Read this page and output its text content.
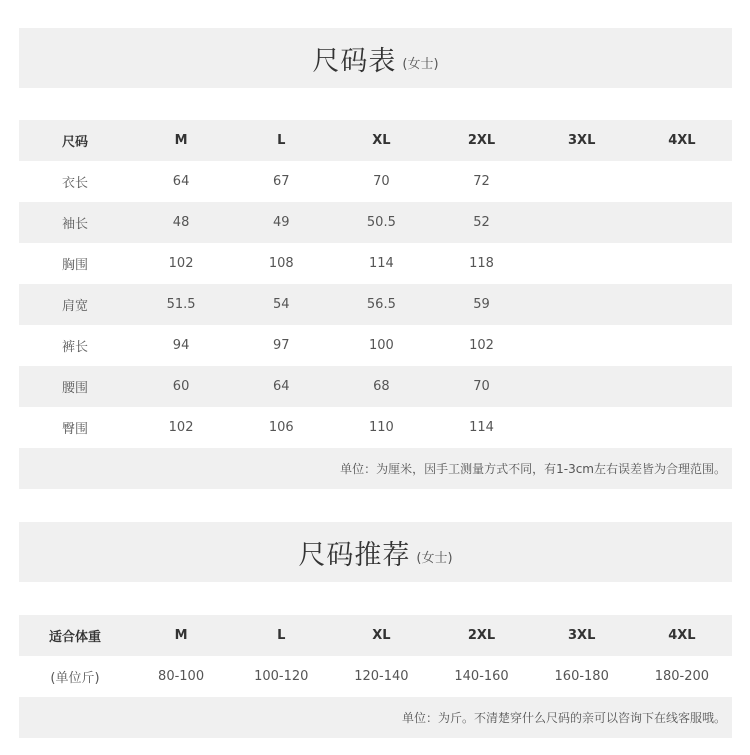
尺码表 (女士)
尺码	M	L	XL	2XL	3XL	4XL
衣长	64	67	70	72		
袖长	48	49	50.5	52		
胸围	102	108	114	118		
肩宽	51.5	54	56.5	59		
裤长	94	97	100	102		
腰围	60	64	68	70		
臀围	102	106	110	114		
单位：为厘米，因手工测量方式不同，有1-3cm左右误差皆为合理范围。						
尺码推荐 (女士)
适合体重	M	L	XL	2XL	3XL	4XL
(单位斤)	80-100	100-120	120-140	140-160	160-180	180-200
单位：为斤。不清楚穿什么尺码的亲可以咨询下在线客服哦。						
